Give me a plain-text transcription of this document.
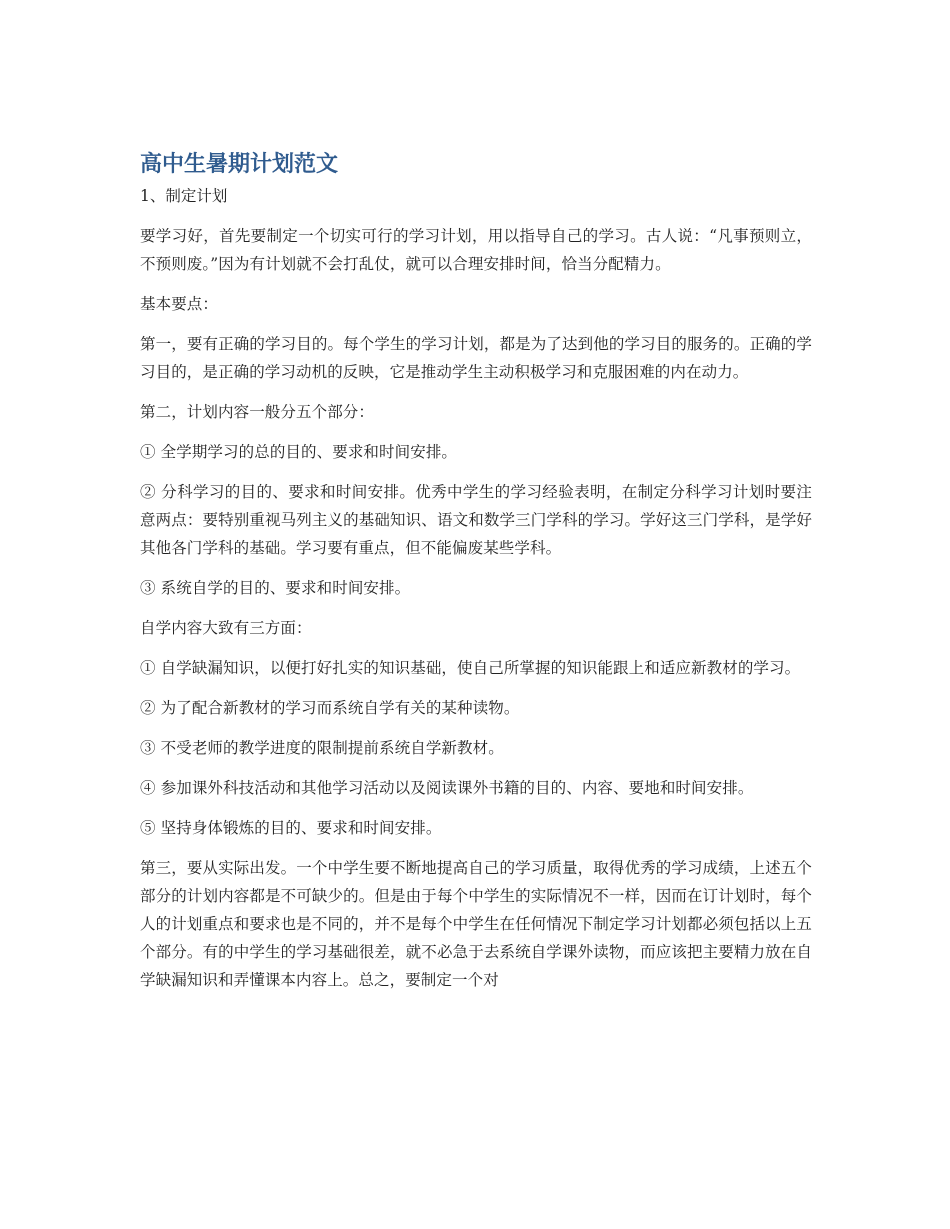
高中生暑期计划范文

1、制定计划

要学习好，首先要制定一个切实可行的学习计划，用以指导自己的学习。古人说：“凡事预则立，不预则废。”因为有计划就不会打乱仗，就可以合理安排时间，恰当分配精力。

基本要点：

第一，要有正确的学习目的。每个学生的学习计划，都是为了达到他的学习目的服务的。正确的学习目的，是正确的学习动机的反映，它是推动学生主动积极学习和克服困难的内在动力。

第二，计划内容一般分五个部分：

① 全学期学习的总的目的、要求和时间安排。

② 分科学习的目的、要求和时间安排。优秀中学生的学习经验表明，在制定分科学习计划时要注意两点：要特别重视马列主义的基础知识、语文和数学三门学科的学习。学好这三门学科，是学好其他各门学科的基础。学习要有重点，但不能偏废某些学科。

③ 系统自学的目的、要求和时间安排。

自学内容大致有三方面：

① 自学缺漏知识，以便打好扎实的知识基础，使自己所掌握的知识能跟上和适应新教材的学习。

② 为了配合新教材的学习而系统自学有关的某种读物。

③ 不受老师的教学进度的限制提前系统自学新教材。

④ 参加课外科技活动和其他学习活动以及阅读课外书籍的目的、内容、要地和时间安排。

⑤ 坚持身体锻炼的目的、要求和时间安排。

第三，要从实际出发。一个中学生要不断地提高自己的学习质量，取得优秀的学习成绩，上述五个部分的计划内容都是不可缺少的。但是由于每个中学生的实际情况不一样，因而在订计划时，每个人的计划重点和要求也是不同的，并不是每个中学生在任何情况下制定学习计划都必须包括以上五个部分。有的中学生的学习基础很差，就不必急于去系统自学课外读物，而应该把主要精力放在自学缺漏知识和弄懂课本内容上。总之，要制定一个对
